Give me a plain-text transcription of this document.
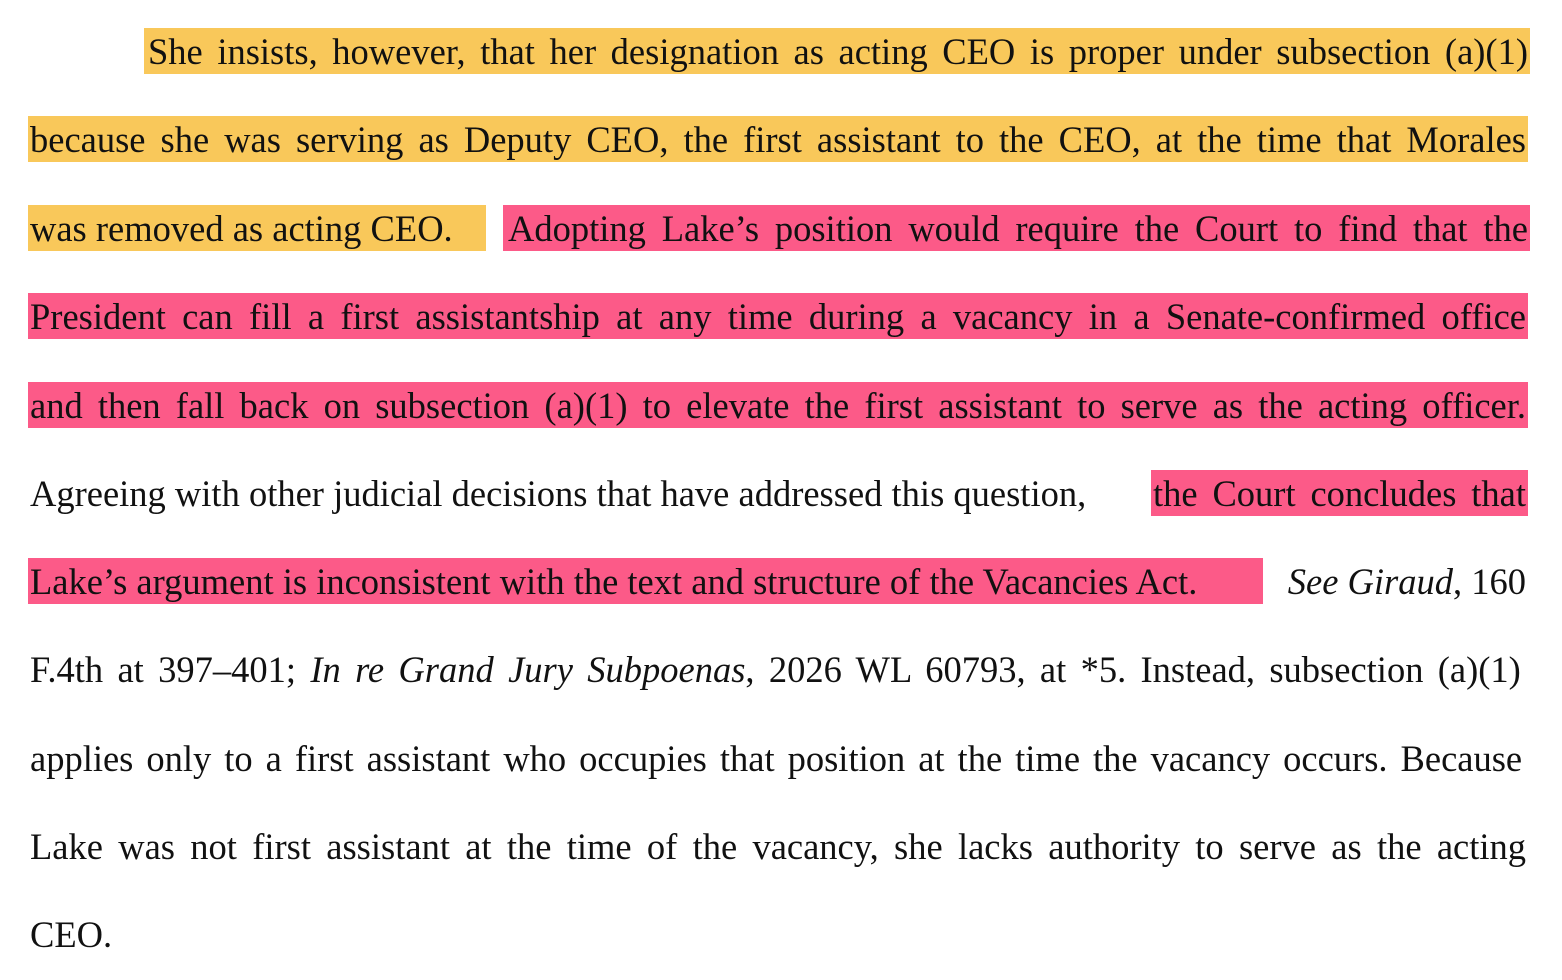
She insists, however, that her designation as acting CEO is proper under subsection (a)(1)
because she was serving as Deputy CEO, the first assistant to the CEO, at the time that Morales
was removed as acting CEO. Adopting Lake’s position would require the Court to find that the
President can fill a first assistantship at any time during a vacancy in a Senate-confirmed office
and then fall back on subsection (a)(1) to elevate the first assistant to serve as the acting officer.
Agreeing with other judicial decisions that have addressed this question, the Court concludes that
Lake’s argument is inconsistent with the text and structure of the Vacancies Act. See Giraud, 160
F.4th at 397–401; In re Grand Jury Subpoenas, 2026 WL 60793, at *5. Instead, subsection (a)(1)
applies only to a first assistant who occupies that position at the time the vacancy occurs. Because
Lake was not first assistant at the time of the vacancy, she lacks authority to serve as the acting
CEO.
